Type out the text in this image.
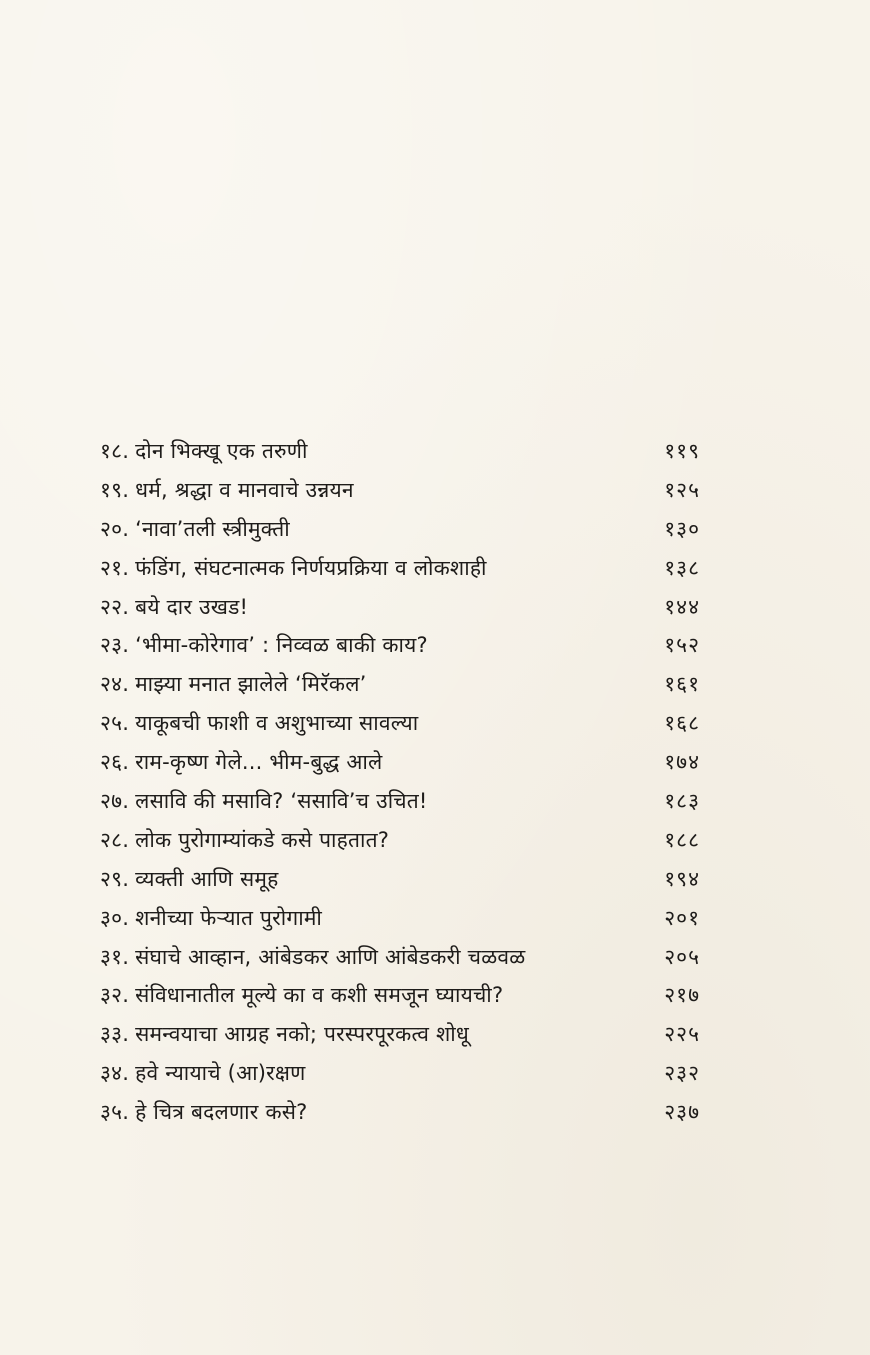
१८. दोन भिक्खू एक तरुणी	११९
१९. धर्म, श्रद्धा व मानवाचे उन्नयन	१२५
२०. ‘नावा’तली स्त्रीमुक्ती	१३०
२१. फंडिंग, संघटनात्मक निर्णयप्रक्रिया व लोकशाही	१३८
२२. बये दार उखड!	१४४
२३. ‘भीमा-कोरेगाव’ : निव्वळ बाकी काय?	१५२
२४. माझ्या मनात झालेले ‘मिरॅकल’	१६१
२५. याकूबची फाशी व अशुभाच्या सावल्या	१६८
२६. राम-कृष्ण गेले... भीम-बुद्ध आले	१७४
२७. लसावि की मसावि? ‘ससावि’च उचित!	१८३
२८. लोक पुरोगाम्यांकडे कसे पाहतात?	१८८
२९. व्यक्ती आणि समूह	१९४
३०. शनीच्या फेऱ्यात पुरोगामी	२०१
३१. संघाचे आव्हान, आंबेडकर आणि आंबेडकरी चळवळ	२०५
३२. संविधानातील मूल्ये का व कशी समजून घ्यायची?	२१७
३३. समन्वयाचा आग्रह नको; परस्परपूरकत्व शोधू	२२५
३४. हवे न्यायाचे (आ)रक्षण	२३२
३५. हे चित्र बदलणार कसे?	२३७
